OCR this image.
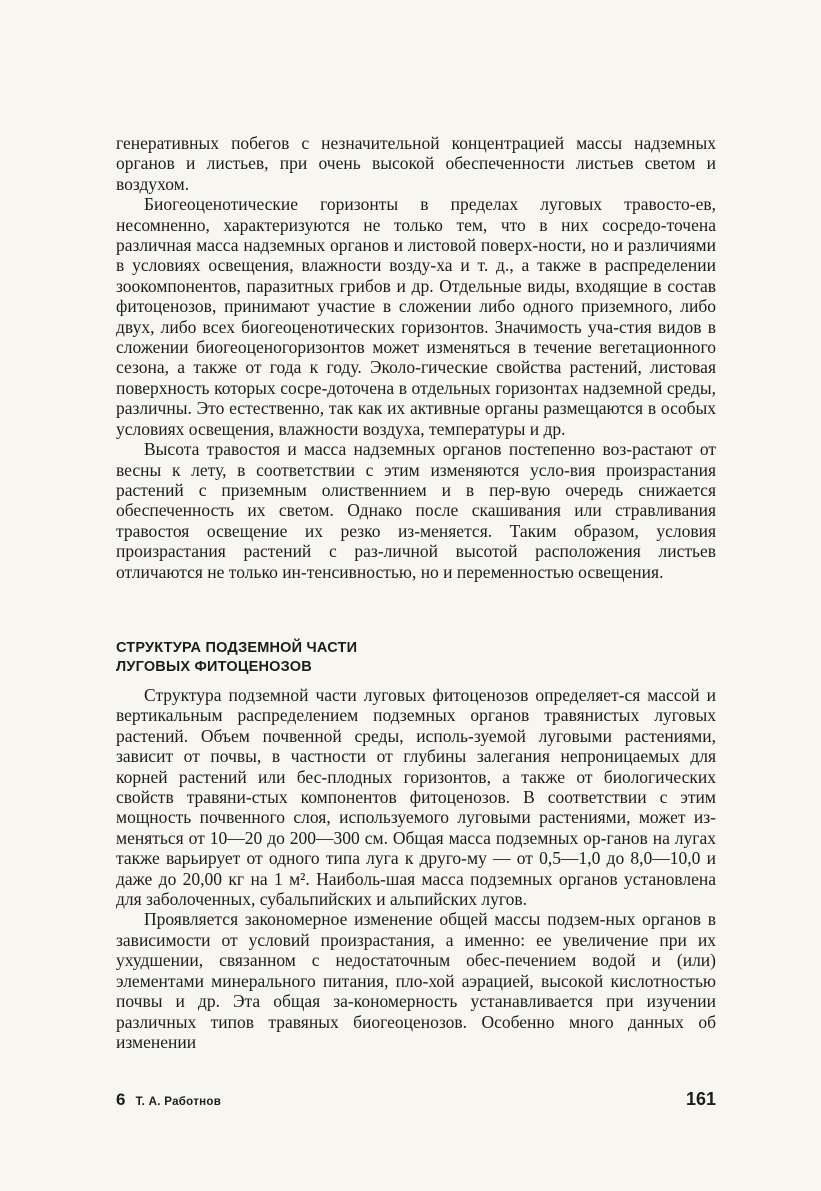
генеративных побегов с незначительной концентрацией массы надземных органов и листьев, при очень высокой обеспеченности листьев светом и воздухом.

Биогеоценотические горизонты в пределах луговых травосто-ев, несомненно, характеризуются не только тем, что в них сосредо-точена различная масса надземных органов и листовой поверх-ности, но и различиями в условиях освещения, влажности возду-ха и т. д., а также в распределении зоокомпонентов, паразитных грибов и др. Отдельные виды, входящие в состав фитоценозов, принимают участие в сложении либо одного приземного, либо двух, либо всех биогеоценотических горизонтов. Значимость уча-стия видов в сложении биогеоценогоризонтов может изменяться в течение вегетационного сезона, а также от года к году. Эколо-гические свойства растений, листовая поверхность которых сосре-доточена в отдельных горизонтах надземной среды, различны. Это естественно, так как их активные органы размещаются в особых условиях освещения, влажности воздуха, температуры и др.

Высота травостоя и масса надземных органов постепенно воз-растают от весны к лету, в соответствии с этим изменяются усло-вия произрастания растений с приземным олиственнием и в пер-вую очередь снижается обеспеченность их светом. Однако после скашивания или стравливания травостоя освещение их резко из-меняется. Таким образом, условия произрастания растений с раз-личной высотой расположения листьев отличаются не только ин-тенсивностью, но и переменностью освещения.

СТРУКТУРА ПОДЗЕМНОЙ ЧАСТИ
ЛУГОВЫХ ФИТОЦЕНОЗОВ

Структура подземной части луговых фитоценозов определяет-ся массой и вертикальным распределением подземных органов травянистых луговых растений. Объем почвенной среды, исполь-зуемой луговыми растениями, зависит от почвы, в частности от глубины залегания непроницаемых для корней растений или бес-плодных горизонтов, а также от биологических свойств травяни-стых компонентов фитоценозов. В соответствии с этим мощность почвенного слоя, используемого луговыми растениями, может из-меняться от 10—20 до 200—300 см. Общая масса подземных ор-ганов на лугах также варьирует от одного типа луга к друго-му — от 0,5—1,0 до 8,0—10,0 и даже до 20,00 кг на 1 м². Наиболь-шая масса подземных органов установлена для заболоченных, субальпийских и альпийских лугов.

Проявляется закономерное изменение общей массы подзем-ных органов в зависимости от условий произрастания, а именно: ее увеличение при их ухудшении, связанном с недостаточным обес-печением водой и (или) элементами минерального питания, пло-хой аэрацией, высокой кислотностью почвы и др. Эта общая за-кономерность устанавливается при изучении различных типов травяных биогеоценозов. Особенно много данных об изменении

6 Т. А. Работнов	161
